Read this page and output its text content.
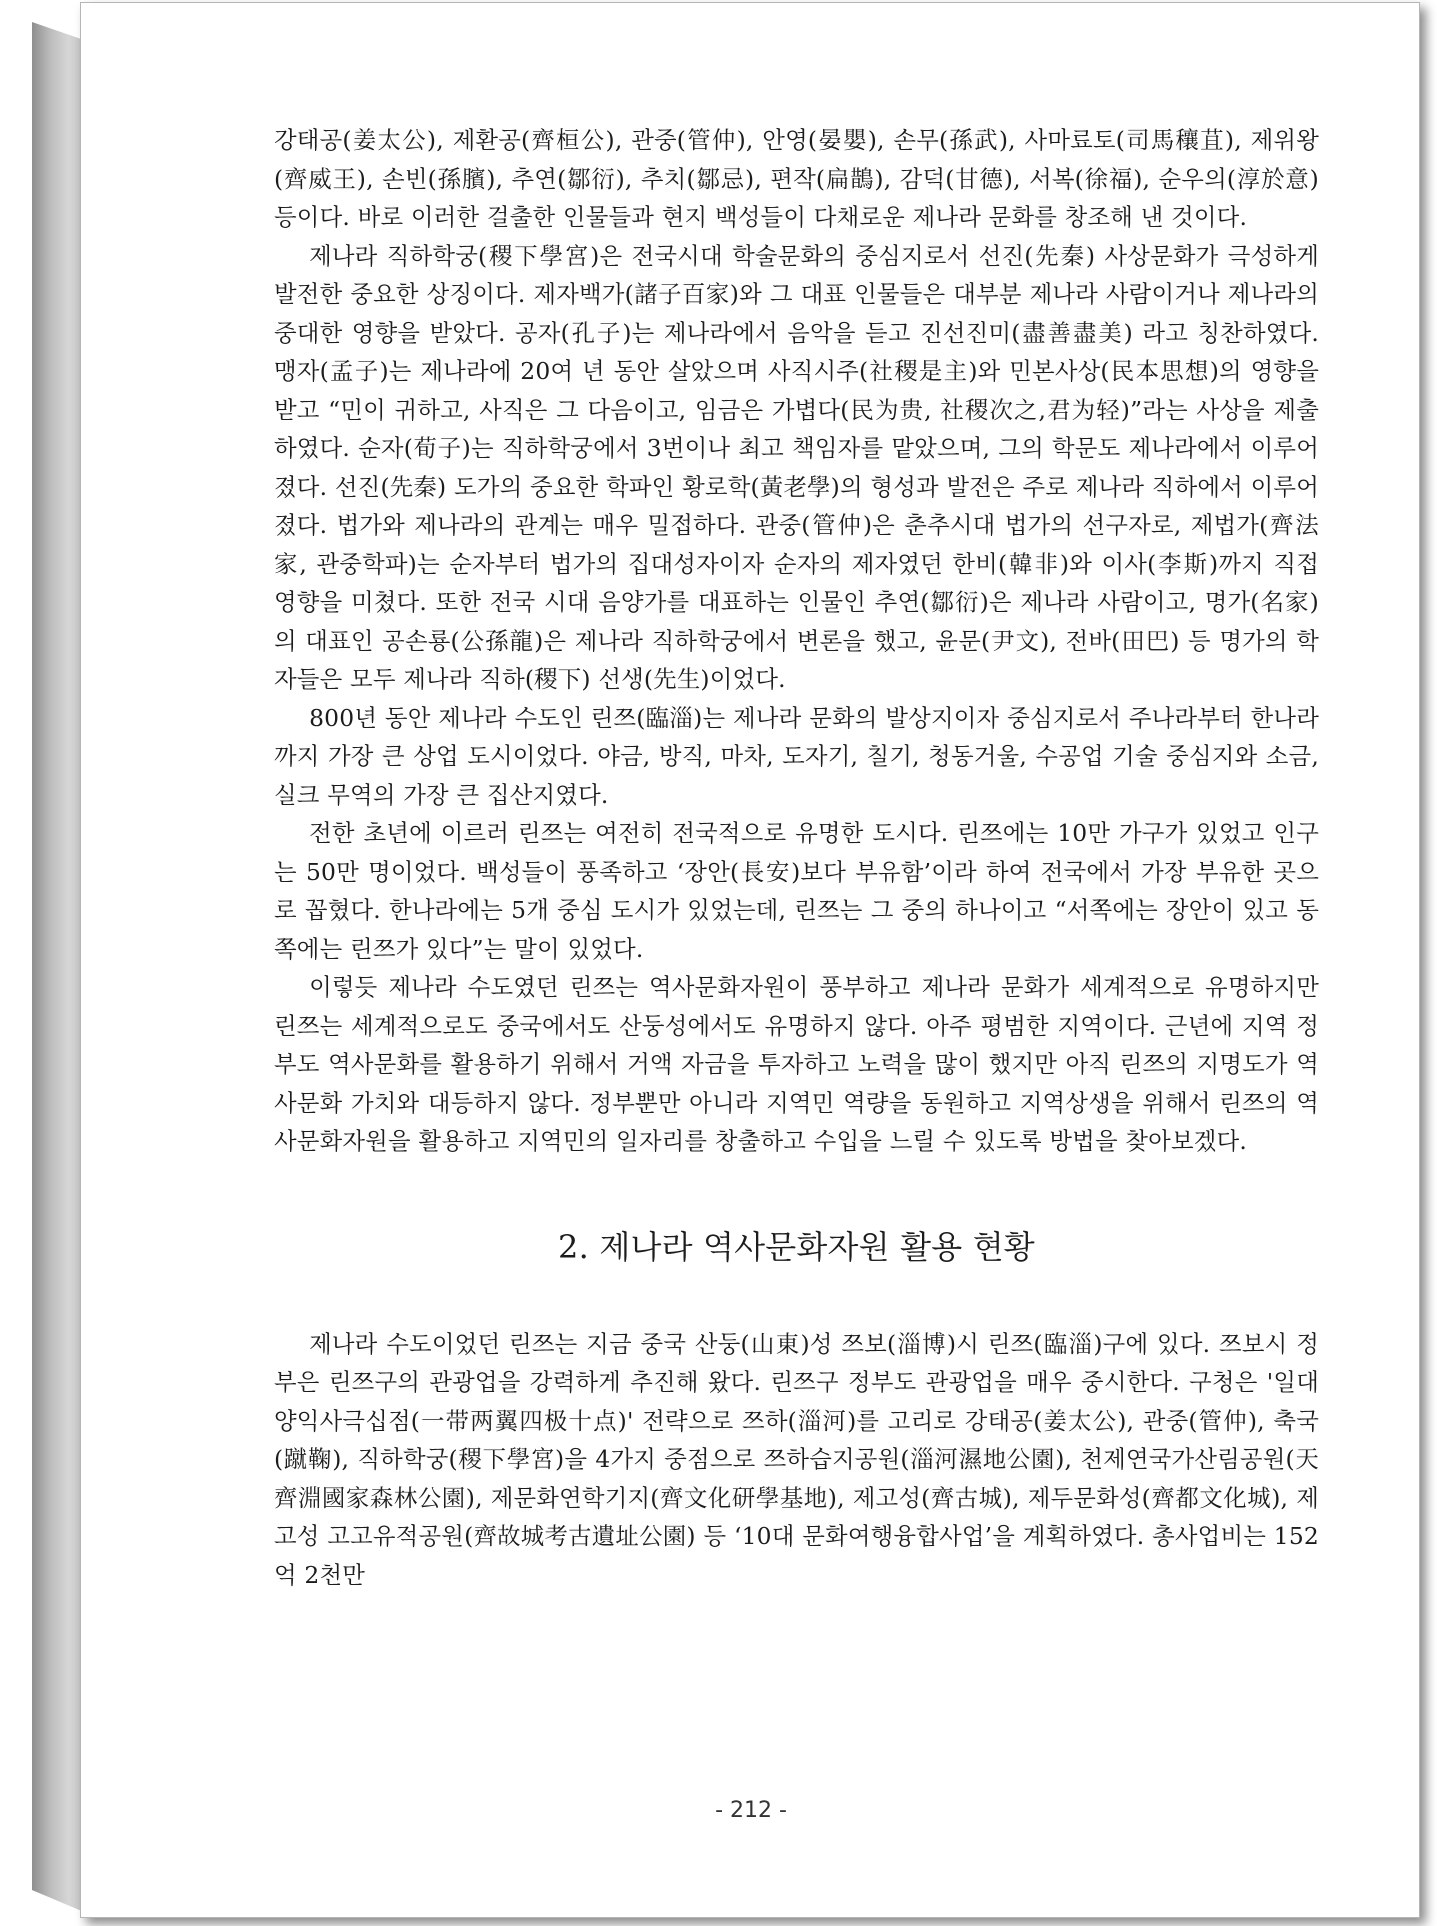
강태공(姜太公), 제환공(齊桓公), 관중(管仲), 안영(晏嬰), 손무(孫武), 사마료토(司馬穰苴), 제위왕(齊威王), 손빈(孫臏), 추연(鄒衍), 추치(鄒忌), 편작(扁鵲), 감덕(甘德), 서복(徐福), 순우의(淳於意) 등이다. 바로 이러한 걸출한 인물들과 현지 백성들이 다채로운 제나라 문화를 창조해 낸 것이다.

제나라 직하학궁(稷下學宮)은 전국시대 학술문화의 중심지로서 선진(先秦) 사상문화가 극성하게 발전한 중요한 상징이다. 제자백가(諸子百家)와 그 대표 인물들은 대부분 제나라 사람이거나 제나라의 중대한 영향을 받았다. 공자(孔子)는 제나라에서 음악을 듣고 진선진미(盡善盡美) 라고 칭찬하였다. 맹자(孟子)는 제나라에 20여 년 동안 살았으며 사직시주(社稷是主)와 민본사상(民本思想)의 영향을 받고 “민이 귀하고, 사직은 그 다음이고, 임금은 가볍다(民为贵, 社稷次之,君为轻)”라는 사상을 제출하였다. 순자(荀子)는 직하학궁에서 3번이나 최고 책임자를 맡았으며, 그의 학문도 제나라에서 이루어졌다. 선진(先秦) 도가의 중요한 학파인 황로학(黃老學)의 형성과 발전은 주로 제나라 직하에서 이루어졌다. 법가와 제나라의 관계는 매우 밀접하다. 관중(管仲)은 춘추시대 법가의 선구자로, 제법가(齊法家, 관중학파)는 순자부터 법가의 집대성자이자 순자의 제자였던 한비(韓非)와 이사(李斯)까지 직접 영향을 미쳤다. 또한 전국 시대 음양가를 대표하는 인물인 추연(鄒衍)은 제나라 사람이고, 명가(名家)의 대표인 공손룡(公孫龍)은 제나라 직하학궁에서 변론을 했고, 윤문(尹文), 전바(田巴) 등 명가의 학자들은 모두 제나라 직하(稷下) 선생(先生)이었다.

800년 동안 제나라 수도인 린쯔(臨淄)는 제나라 문화의 발상지이자 중심지로서 주나라부터 한나라까지 가장 큰 상업 도시이었다. 야금, 방직, 마차, 도자기, 칠기, 청동거울, 수공업 기술 중심지와 소금, 실크 무역의 가장 큰 집산지였다.

전한 초년에 이르러 린쯔는 여전히 전국적으로 유명한 도시다. 린쯔에는 10만 가구가 있었고 인구는 50만 명이었다. 백성들이 풍족하고 ‘장안(長安)보다 부유함’이라 하여 전국에서 가장 부유한 곳으로 꼽혔다. 한나라에는 5개 중심 도시가 있었는데, 린쯔는 그 중의 하나이고 “서쪽에는 장안이 있고 동쪽에는 린쯔가 있다”는 말이 있었다.

이렇듯 제나라 수도였던 린쯔는 역사문화자원이 풍부하고 제나라 문화가 세계적으로 유명하지만 린쯔는 세계적으로도 중국에서도 산둥성에서도 유명하지 않다. 아주 평범한 지역이다. 근년에 지역 정부도 역사문화를 활용하기 위해서 거액 자금을 투자하고 노력을 많이 했지만 아직 린쯔의 지명도가 역사문화 가치와 대등하지 않다. 정부뿐만 아니라 지역민 역량을 동원하고 지역상생을 위해서 린쯔의 역사문화자원을 활용하고 지역민의 일자리를 창출하고 수입을 느릴 수 있도록 방법을 찾아보겠다.

2. 제나라 역사문화자원 활용 현황

제나라 수도이었던 린쯔는 지금 중국 산둥(山東)성 쯔보(淄博)시 린쯔(臨淄)구에 있다. 쯔보시 정부은 린쯔구의 관광업을 강력하게 추진해 왔다. 린쯔구 정부도 관광업을 매우 중시한다. 구청은 '일대양익사극십점(一带两翼四极十点)' 전략으로 쯔하(淄河)를 고리로 강태공(姜太公), 관중(管仲), 축국(蹴鞠), 직하학궁(稷下學宮)을 4가지 중점으로 쯔하습지공원(淄河濕地公園), 천제연국가산림공원(天齊淵國家森林公園), 제문화연학기지(齊文化研學基地), 제고성(齊古城), 제두문화성(齊都文化城), 제고성 고고유적공원(齊故城考古遺址公園) 등 ‘10대 문화여행융합사업’을 계획하였다. 총사업비는 152억 2천만

- 212 -
